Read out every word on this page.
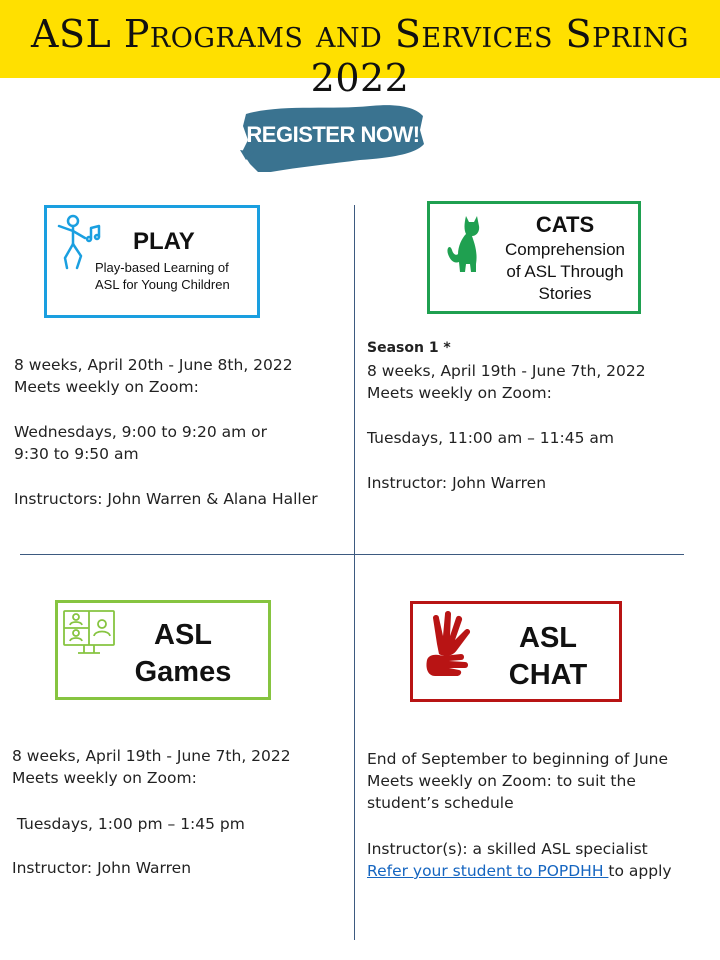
ASL Programs and Services Spring 2022
REGISTER NOW!
PLAY
Play-based Learning of
ASL for Young Children
CATS
Comprehension
of ASL Through
Stories
ASL
Games
ASL
CHAT
8 weeks, April 20th - June 8th, 2022
Meets weekly on Zoom:
Wednesdays, 9:00 to 9:20 am or
9:30 to 9:50 am
Instructors: John Warren & Alana Haller
Season 1 *
8 weeks, April 19th - June 7th, 2022
Meets weekly on Zoom:
Tuesdays, 11:00 am – 11:45 am
Instructor: John Warren
8 weeks, April 19th - June 7th, 2022
Meets weekly on Zoom:
Tuesdays, 1:00 pm – 1:45 pm
Instructor: John Warren
End of September to beginning of June
Meets weekly on Zoom: to suit the
student’s schedule
Instructor(s): a skilled ASL specialist
Refer your student to POPDHH to apply
